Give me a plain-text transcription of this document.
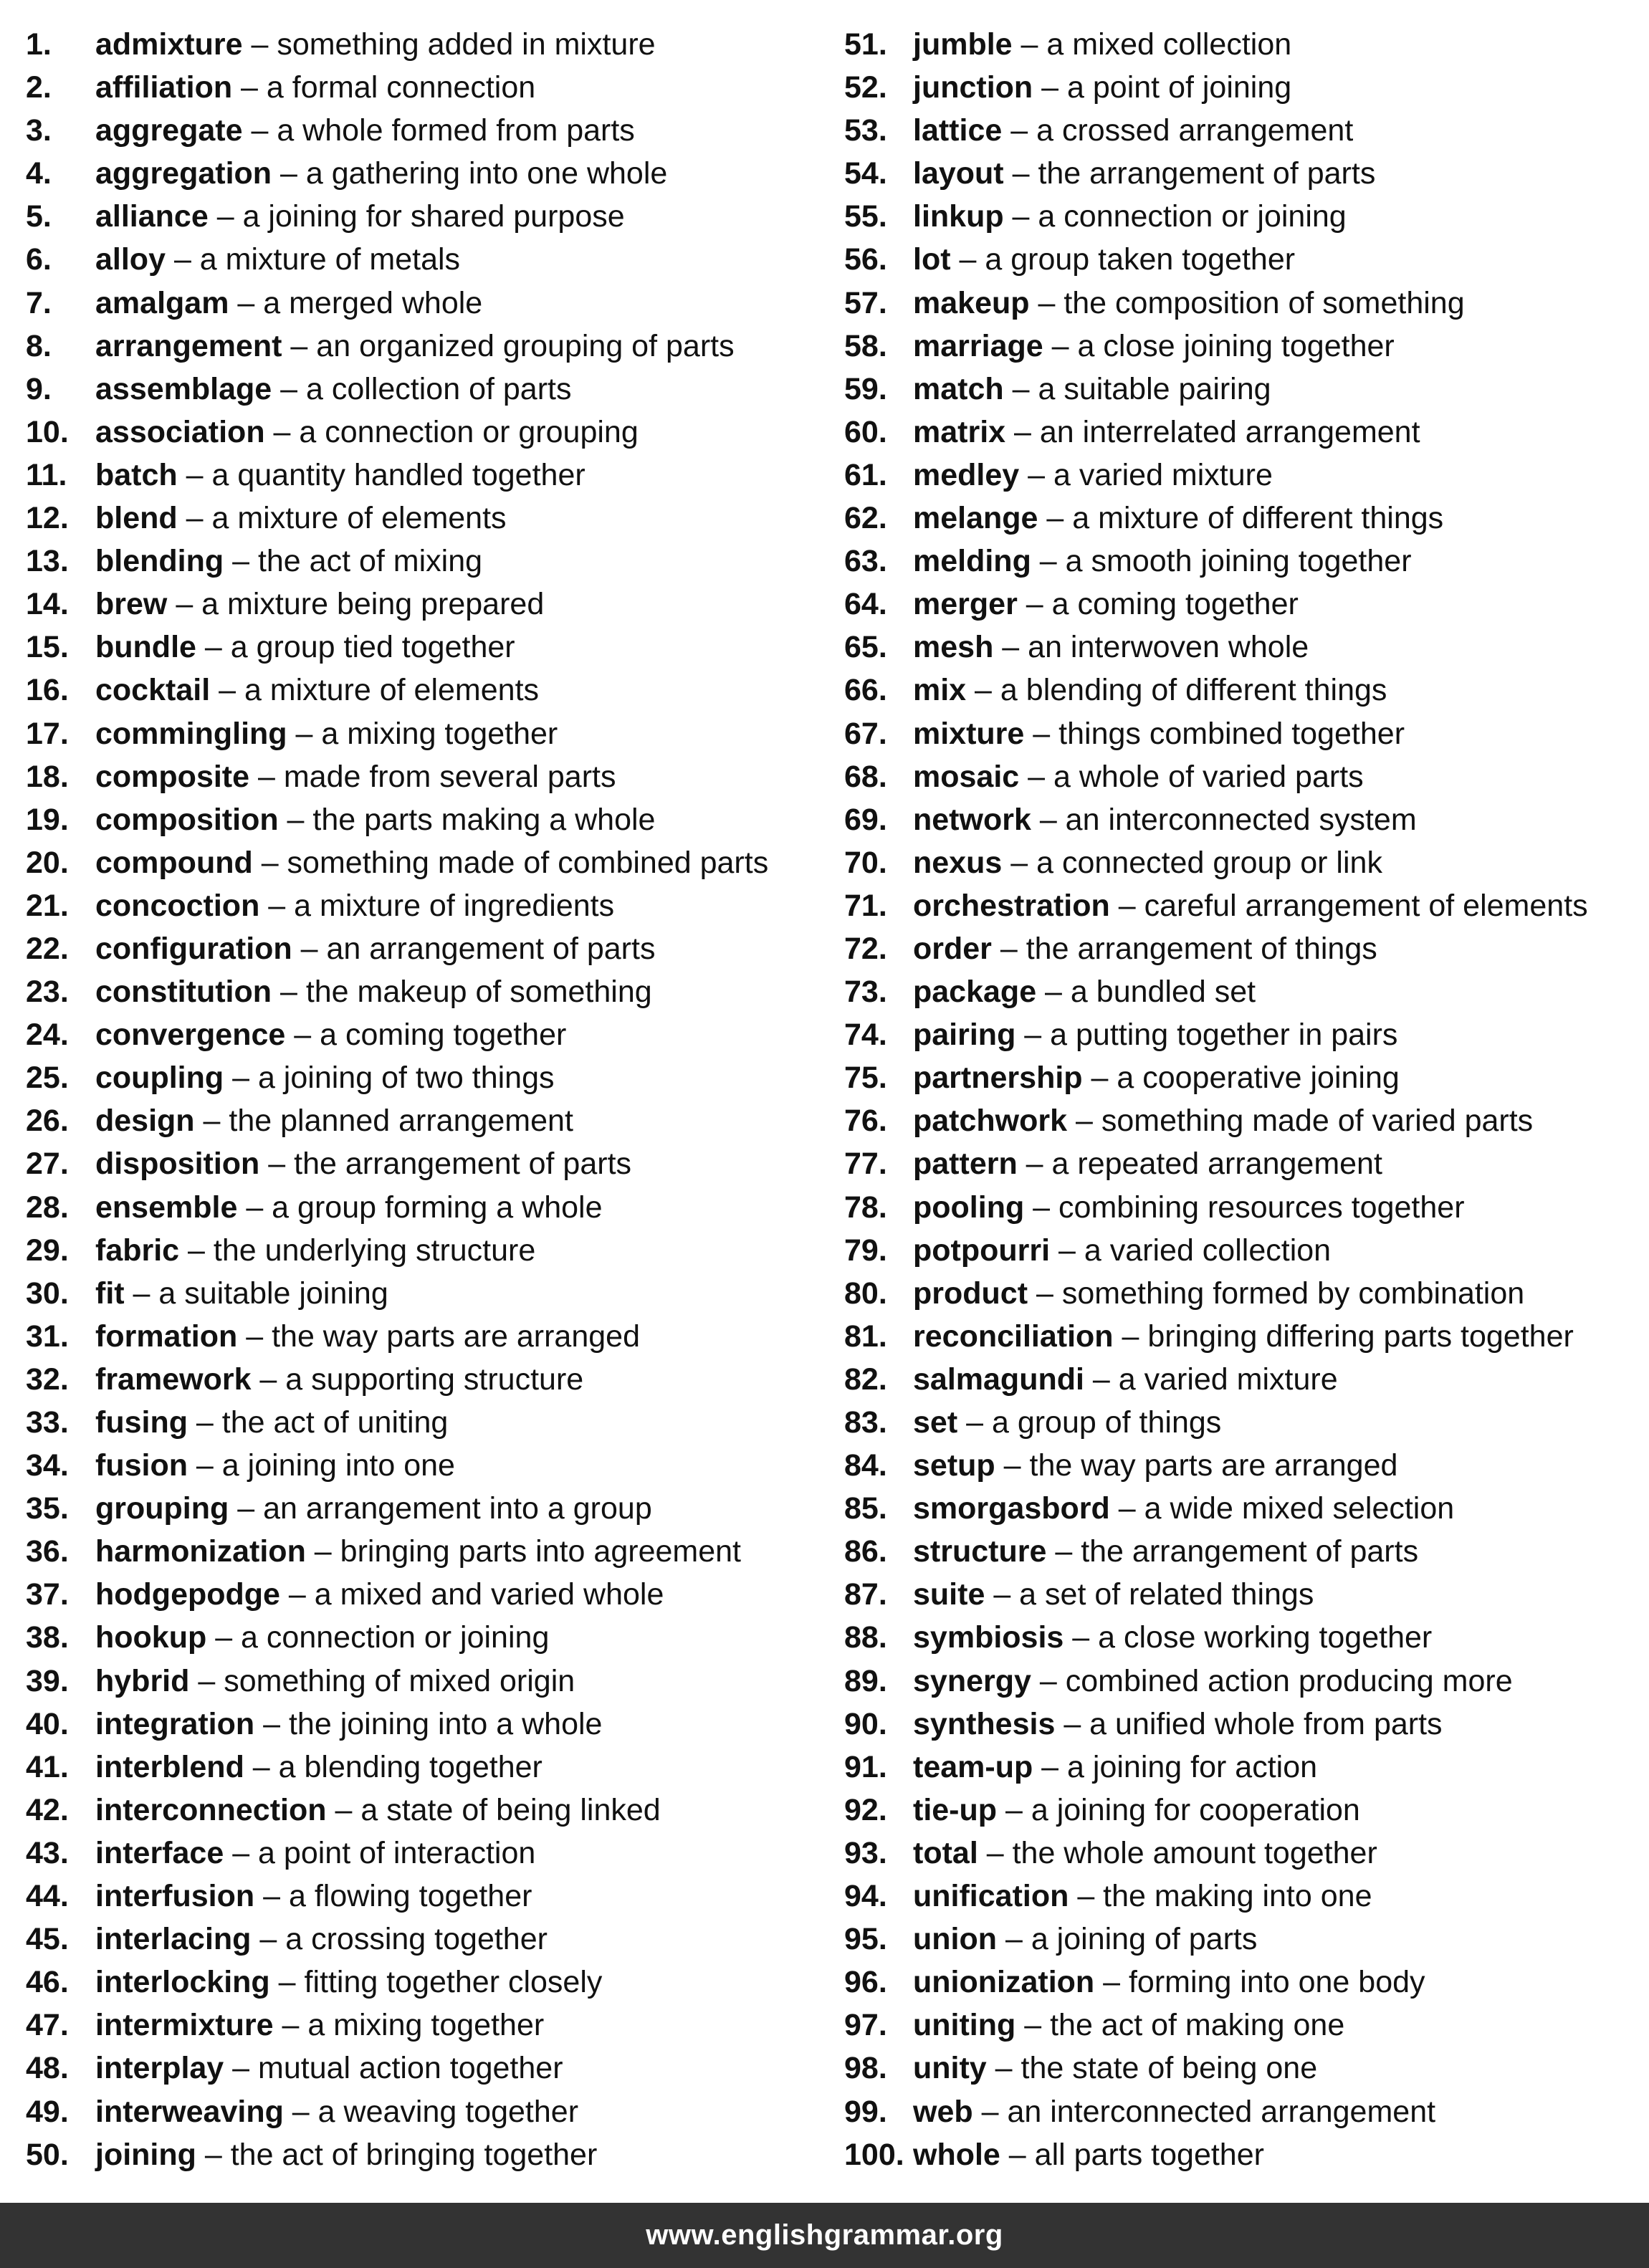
1.	admixture – something added in mixture
2.	affiliation – a formal connection
3.	aggregate – a whole formed from parts
4.	aggregation – a gathering into one whole
5.	alliance – a joining for shared purpose
6.	alloy – a mixture of metals
7.	amalgam – a merged whole
8.	arrangement – an organized grouping of parts
9.	assemblage – a collection of parts
10. association – a connection or grouping
11. batch – a quantity handled together
12. blend – a mixture of elements
13. blending – the act of mixing
14. brew – a mixture being prepared
15. bundle – a group tied together
16. cocktail – a mixture of elements
17. commingling – a mixing together
18. composite – made from several parts
19. composition – the parts making a whole
20. compound – something made of combined parts
21. concoction – a mixture of ingredients
22. configuration – an arrangement of parts
23. constitution – the makeup of something
24. convergence – a coming together
25. coupling – a joining of two things
26. design – the planned arrangement
27. disposition – the arrangement of parts
28. ensemble – a group forming a whole
29. fabric – the underlying structure
30. fit – a suitable joining
31. formation – the way parts are arranged
32. framework – a supporting structure
33. fusing – the act of uniting
34. fusion – a joining into one
35. grouping – an arrangement into a group
36. harmonization – bringing parts into agreement
37. hodgepodge – a mixed and varied whole
38. hookup – a connection or joining
39. hybrid – something of mixed origin
40. integration – the joining into a whole
41. interblend – a blending together
42. interconnection – a state of being linked
43. interface – a point of interaction
44. interfusion – a flowing together
45. interlacing – a crossing together
46. interlocking – fitting together closely
47. intermixture – a mixing together
48. interplay – mutual action together
49. interweaving – a weaving together
50. joining – the act of bringing together
51. jumble – a mixed collection
52. junction – a point of joining
53. lattice – a crossed arrangement
54. layout – the arrangement of parts
55. linkup – a connection or joining
56. lot – a group taken together
57. makeup – the composition of something
58. marriage – a close joining together
59. match – a suitable pairing
60. matrix – an interrelated arrangement
61. medley – a varied mixture
62. melange – a mixture of different things
63. melding – a smooth joining together
64. merger – a coming together
65. mesh – an interwoven whole
66. mix – a blending of different things
67. mixture – things combined together
68. mosaic – a whole of varied parts
69. network – an interconnected system
70. nexus – a connected group or link
71. orchestration – careful arrangement of elements
72. order – the arrangement of things
73. package – a bundled set
74. pairing – a putting together in pairs
75. partnership – a cooperative joining
76. patchwork – something made of varied parts
77. pattern – a repeated arrangement
78. pooling – combining resources together
79. potpourri – a varied collection
80. product – something formed by combination
81. reconciliation – bringing differing parts together
82. salmagundi – a varied mixture
83. set – a group of things
84. setup – the way parts are arranged
85. smorgasbord – a wide mixed selection
86. structure – the arrangement of parts
87. suite – a set of related things
88. symbiosis – a close working together
89. synergy – combined action producing more
90. synthesis – a unified whole from parts
91. team-up – a joining for action
92. tie-up – a joining for cooperation
93. total – the whole amount together
94. unification – the making into one
95. union – a joining of parts
96. unionization – forming into one body
97. uniting – the act of making one
98. unity – the state of being one
99. web – an interconnected arrangement
100. whole – all parts together
www.englishgrammar.org
